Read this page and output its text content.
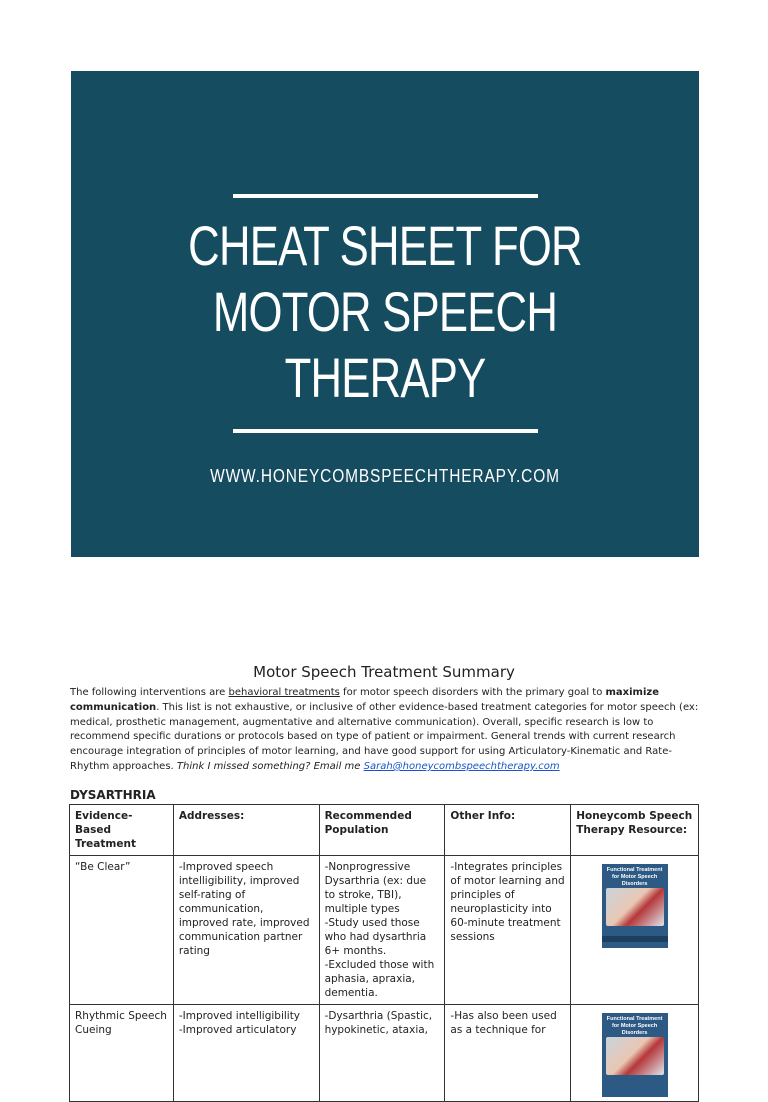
CHEAT SHEET FOR
MOTOR SPEECH
THERAPY
WWW.HONEYCOMBSPEECHTHERAPY.COM
Motor Speech Treatment Summary
The following interventions are behavioral treatments for motor speech disorders with the primary goal to maximize communication. This list is not exhaustive, or inclusive of other evidence-based treatment categories for motor speech (ex: medical, prosthetic management, augmentative and alternative communication). Overall, specific research is low to recommend specific durations or protocols based on type of patient or impairment. General trends with current research encourage integration of principles of motor learning, and have good support for using Articulatory-Kinematic and Rate-Rhythm approaches. Think I missed something? Email me Sarah@honeycombspeechtherapy.com
DYSARTHRIA
Evidence-Based Treatment	Addresses:	Recommended Population	Other Info:	Honeycomb Speech Therapy Resource:
“Be Clear”	-Improved speech intelligibility, improved self-rating of communication, improved rate, improved communication partner rating	-Nonprogressive Dysarthria (ex: due to stroke, TBI), multiple types
-Study used those who had dysarthria 6+ months.
-Excluded those with aphasia, apraxia, dementia.	-Integrates principles of motor learning and principles of neuroplasticity into 60-minute treatment sessions	Functional Treatment for Motor Speech Disorders

Rhythmic Speech Cueing	-Improved intelligibility
-Improved articulatory	-Dysarthria (Spastic, hypokinetic, ataxia,	-Has also been used as a technique for	Functional Treatment for Motor Speech Disorders
